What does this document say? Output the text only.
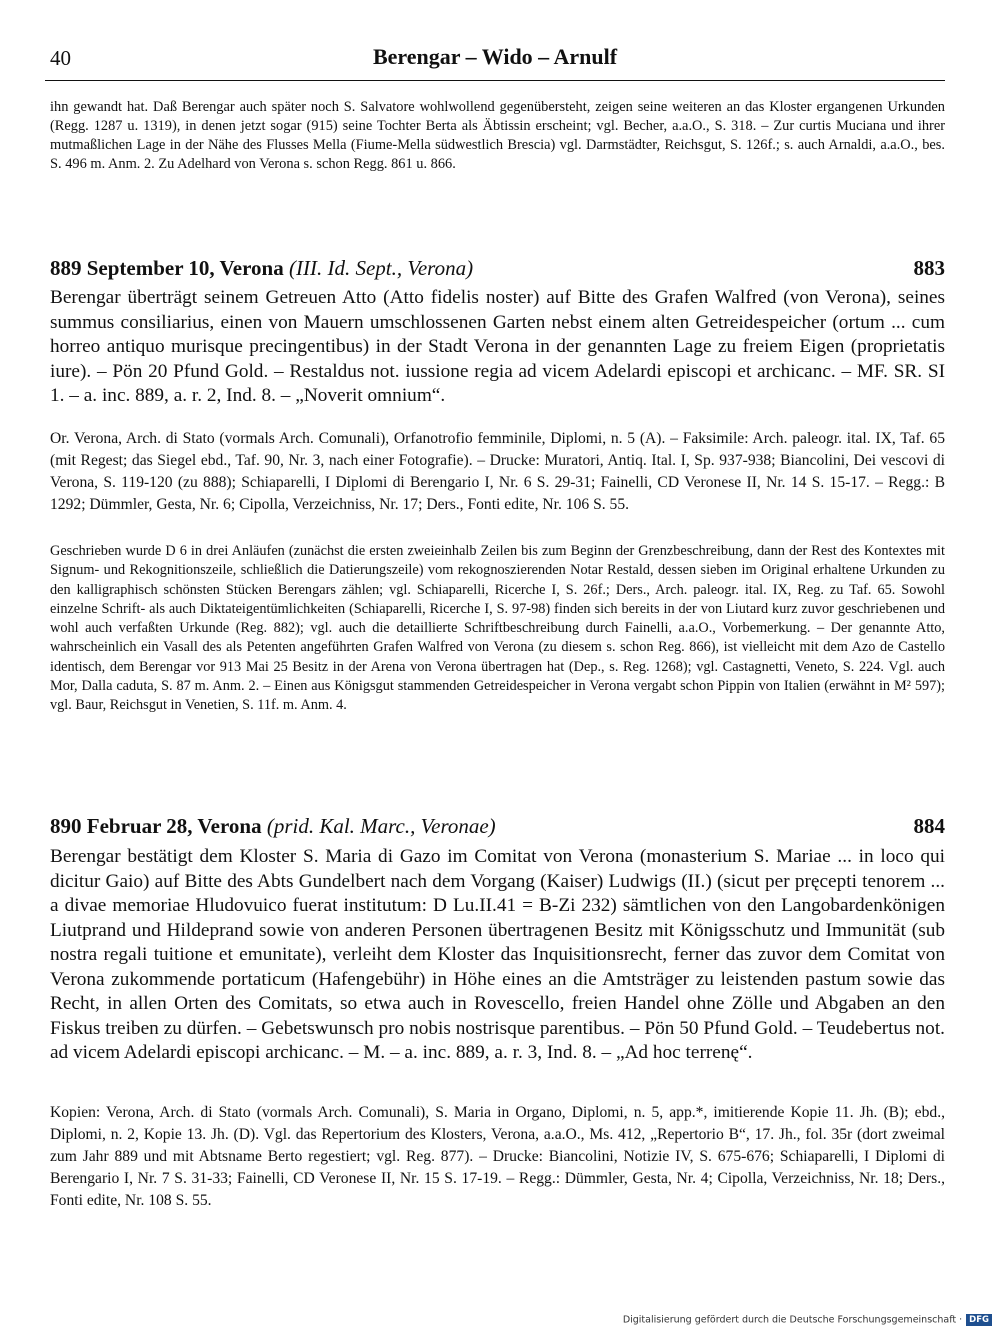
40	Berengar – Wido – Arnulf

ihn gewandt hat. Daß Berengar auch später noch S. Salvatore wohlwollend gegenübersteht, zeigen seine weiteren an das Kloster ergangenen Urkunden (Regg. 1287 u. 1319), in denen jetzt sogar (915) seine Tochter Berta als Äbtissin erscheint; vgl. Becher, a.a.O., S. 318. – Zur curtis Muciana und ihrer mutmaßlichen Lage in der Nähe des Flusses Mella (Fiume-Mella südwestlich Brescia) vgl. Darmstädter, Reichsgut, S. 126f.; s. auch Arnaldi, a.a.O., bes. S. 496 m. Anm. 2. Zu Adelhard von Verona s. schon Regg. 861 u. 866.

889 September 10, Verona (III. Id. Sept., Verona)	883

Berengar überträgt seinem Getreuen Atto (Atto fidelis noster) auf Bitte des Grafen Walfred (von Verona), seines summus consiliarius, einen von Mauern umschlossenen Garten nebst einem alten Getreidespeicher (ortum ... cum horreo antiquo murisque precingentibus) in der Stadt Verona in der genannten Lage zu freiem Eigen (proprietatis iure). – Pön 20 Pfund Gold. – Restaldus not. iussione regia ad vicem Adelardi episcopi et archicanc. – MF. SR. SI 1. – a. inc. 889, a. r. 2, Ind. 8. – „Noverit omnium“.

Or. Verona, Arch. di Stato (vormals Arch. Comunali), Orfanotrofio femminile, Diplomi, n. 5 (A). – Faksimile: Arch. paleogr. ital. IX, Taf. 65 (mit Regest; das Siegel ebd., Taf. 90, Nr. 3, nach einer Fotografie). – Drucke: Muratori, Antiq. Ital. I, Sp. 937-938; Biancolini, Dei vescovi di Verona, S. 119-120 (zu 888); Schiaparelli, I Diplomi di Berengario I, Nr. 6 S. 29-31; Fainelli, CD Veronese II, Nr. 14 S. 15-17. – Regg.: B 1292; Dümmler, Gesta, Nr. 6; Cipolla, Verzeichniss, Nr. 17; Ders., Fonti edite, Nr. 106 S. 55.

Geschrieben wurde D 6 in drei Anläufen (zunächst die ersten zweieinhalb Zeilen bis zum Beginn der Grenzbeschreibung, dann der Rest des Kontextes mit Signum- und Rekognitionszeile, schließlich die Datierungszeile) vom rekognoszierenden Notar Restald, dessen sieben im Original erhaltene Urkunden zu den kalligraphisch schönsten Stücken Berengars zählen; vgl. Schiaparelli, Ricerche I, S. 26f.; Ders., Arch. paleogr. ital. IX, Reg. zu Taf. 65. Sowohl einzelne Schrift- als auch Diktateigentümlichkeiten (Schiaparelli, Ricerche I, S. 97-98) finden sich bereits in der von Liutard kurz zuvor geschriebenen und wohl auch verfaßten Urkunde (Reg. 882); vgl. auch die detaillierte Schriftbeschreibung durch Fainelli, a.a.O., Vorbemerkung. – Der genannte Atto, wahrscheinlich ein Vasall des als Petenten angeführten Grafen Walfred von Verona (zu diesem s. schon Reg. 866), ist vielleicht mit dem Azo de Castello identisch, dem Berengar vor 913 Mai 25 Besitz in der Arena von Verona übertragen hat (Dep., s. Reg. 1268); vgl. Castagnetti, Veneto, S. 224. Vgl. auch Mor, Dalla caduta, S. 87 m. Anm. 2. – Einen aus Königsgut stammenden Getreidespeicher in Verona vergabt schon Pippin von Italien (erwähnt in M² 597); vgl. Baur, Reichsgut in Venetien, S. 11f. m. Anm. 4.

890 Februar 28, Verona (prid. Kal. Marc., Veronae)	884

Berengar bestätigt dem Kloster S. Maria di Gazo im Comitat von Verona (monasterium S. Mariae ... in loco qui dicitur Gaio) auf Bitte des Abts Gundelbert nach dem Vorgang (Kaiser) Ludwigs (II.) (sicut per pręcepti tenorem ... a divae memoriae Hludovuico fuerat institutum: D Lu.II.41 = B-Zi 232) sämtlichen von den Langobardenkönigen Liutprand und Hildeprand sowie von anderen Personen übertragenen Besitz mit Königsschutz und Immunität (sub nostra regali tuitione et emunitate), verleiht dem Kloster das Inquisitionsrecht, ferner das zuvor dem Comitat von Verona zukommende portaticum (Hafengebühr) in Höhe eines an die Amtsträger zu leistenden pastum sowie das Recht, in allen Orten des Comitats, so etwa auch in Rovescello, freien Handel ohne Zölle und Abgaben an den Fiskus treiben zu dürfen. – Gebetswunsch pro nobis nostrisque parentibus. – Pön 50 Pfund Gold. – Teudebertus not. ad vicem Adelardi episcopi archicanc. – M. – a. inc. 889, a. r. 3, Ind. 8. – „Ad hoc terrenę“.

Kopien: Verona, Arch. di Stato (vormals Arch. Comunali), S. Maria in Organo, Diplomi, n. 5, app.*, imitierende Kopie 11. Jh. (B); ebd., Diplomi, n. 2, Kopie 13. Jh. (D). Vgl. das Repertorium des Klosters, Verona, a.a.O., Ms. 412, „Repertorio B“, 17. Jh., fol. 35r (dort zweimal zum Jahr 889 und mit Abtsname Berto regestiert; vgl. Reg. 877). – Drucke: Biancolini, Notizie IV, S. 675-676; Schiaparelli, I Diplomi di Berengario I, Nr. 7 S. 31-33; Fainelli, CD Veronese II, Nr. 15 S. 17-19. – Regg.: Dümmler, Gesta, Nr. 4; Cipolla, Verzeichniss, Nr. 18; Ders., Fonti edite, Nr. 108 S. 55.

Digitalisierung gefördert durch die Deutsche Forschungsgemeinschaft · DFG
